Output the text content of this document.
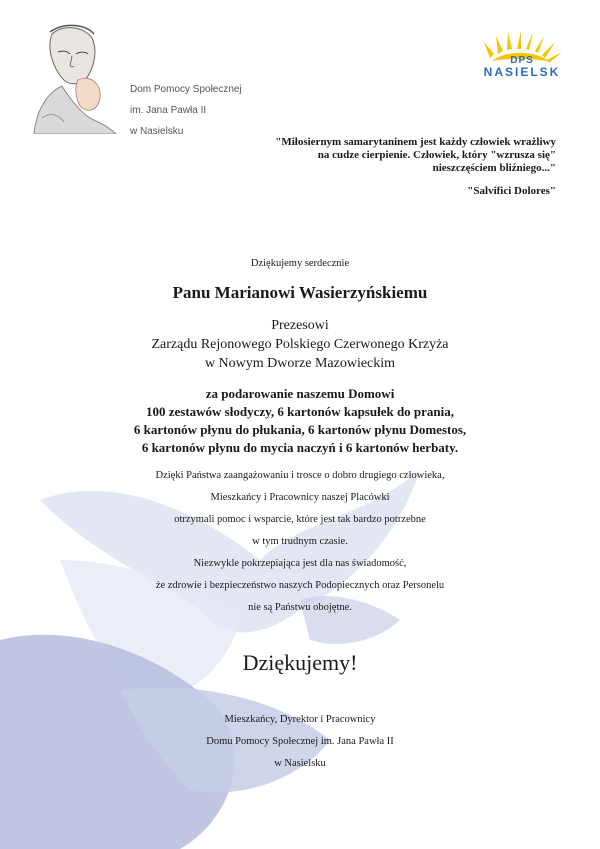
Dom Pomocy Społecznej
im. Jana Pawła II
w Nasielsku
DPS
NASIELSK
"Miłosiernym samarytaninem jest każdy człowiek wrażliwy
na cudze cierpienie. Człowiek, który "wzrusza się"
nieszczęściem bliźniego..."
"Salvifici Dolores"
Dziękujemy serdecznie
Panu Marianowi Wasierzyńskiemu
Prezesowi
Zarządu Rejonowego Polskiego Czerwonego Krzyża
w Nowym Dworze Mazowieckim
za podarowanie naszemu Domowi
100 zestawów słodyczy, 6 kartonów kapsułek do prania,
6 kartonów płynu do płukania, 6 kartonów płynu Domestos,
6 kartonów płynu do mycia naczyń i 6 kartonów herbaty.
Dzięki Państwa zaangażowaniu i trosce o dobro drugiego człowieka,
Mieszkańcy i Pracownicy naszej Placówki
otrzymali pomoc i wsparcie, które jest tak bardzo potrzebne
w tym trudnym czasie.
Niezwykle pokrzepiająca jest dla nas świadomość,
że zdrowie i bezpieczeństwo naszych Podopiecznych oraz Personelu
nie są Państwu obojętne.
Dziękujemy!
Mieszkańcy, Dyrektor i Pracownicy
Domu Pomocy Społecznej im. Jana Pawła II
w Nasielsku
